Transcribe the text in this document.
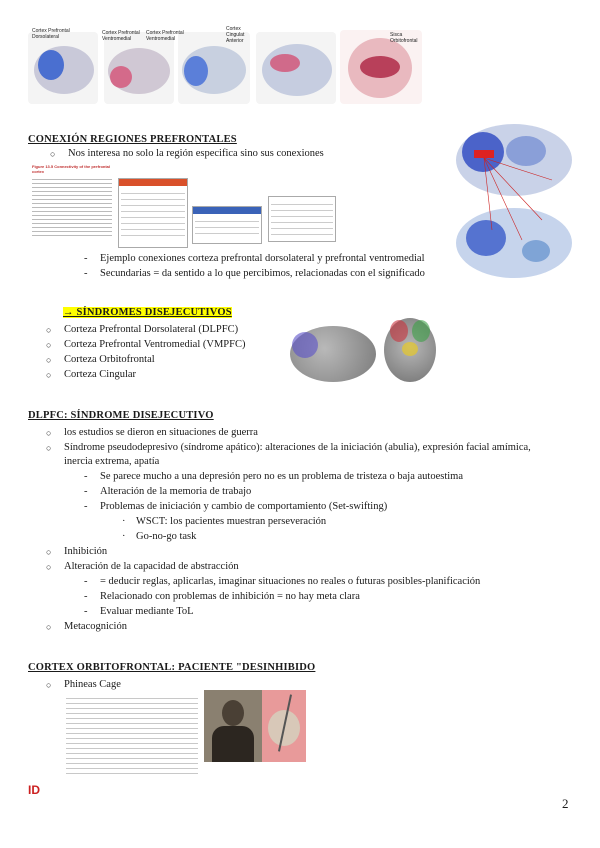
Cortex Prefrontal Dorsolateral
Cortex Prefrontal Ventromedial
Cortex Prefrontal Ventromedial
Cortex Cingulat Anterior
Sisca Orbitofrontal
CONEXIÓN REGIONES PREFRONTALES
○ Nos interesa no solo la región especifica sino sus conexiones
Figure 13.5 Connectivity of the prefrontal cortex

- Ejemplo conexiones corteza prefrontal dorsolateral y prefrontal ventromedial
- Secundarias = da sentido a lo que percibimos, relacionadas con el significado
→ SÍNDROMES DISEJECUTIVOS
○ Corteza Prefrontal Dorsolateral (DLPFC)
○ Corteza Prefrontal Ventromedial (VMPFC)
○ Corteza Orbitofrontal
○ Corteza Cingular
DLPFC: SÍNDROME DISEJECUTIVO
○ los estudios se dieron en situaciones de guerra
○ Síndrome pseudodepresivo (síndrome apático): alteraciones de la iniciación (abulia), expresión facial amímica,
inercia extrema, apatía
- Se parece mucho a una depresión pero no es un problema de tristeza o baja autoestima
- Alteración de la memoria de trabajo
- Problemas de iniciación y cambio de comportamiento (Set-swifting)
· WSCT: los pacientes muestran perseveración
· Go-no-go task
○ Inhibición
○ Alteración de la capacidad de abstracción
- = deducir reglas, aplicarlas, imaginar situaciones no reales o futuras posibles-planificación
- Relacionado con problemas de inhibición = no hay meta clara
- Evaluar mediante ToL
○ Metacognición
CORTEX ORBITOFRONTAL: PACIENTE "DESINHIBIDO
○ Phineas Cage
ID
2
